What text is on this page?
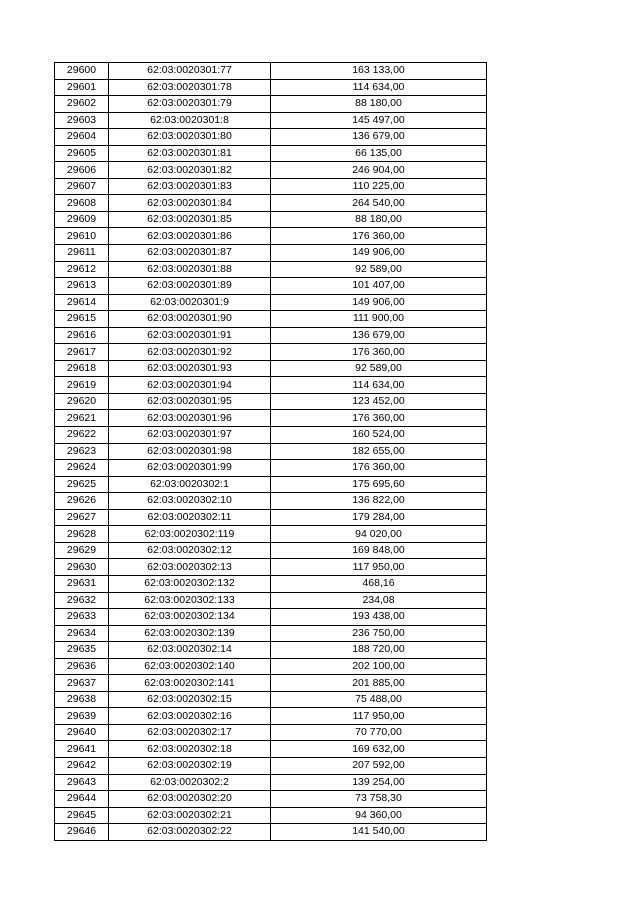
29600	62:03:0020301:77	163 133,00
29601	62:03:0020301:78	114 634,00
29602	62:03:0020301:79	88 180,00
29603	62:03:0020301:8	145 497,00
29604	62:03:0020301:80	136 679,00
29605	62:03:0020301:81	66 135,00
29606	62:03:0020301:82	246 904,00
29607	62:03:0020301:83	110 225,00
29608	62:03:0020301:84	264 540,00
29609	62:03:0020301:85	88 180,00
29610	62:03:0020301:86	176 360,00
29611	62:03:0020301:87	149 906,00
29612	62:03:0020301:88	92 589,00
29613	62:03:0020301:89	101 407,00
29614	62:03:0020301:9	149 906,00
29615	62:03:0020301:90	111 900,00
29616	62:03:0020301:91	136 679,00
29617	62:03:0020301:92	176 360,00
29618	62:03:0020301:93	92 589,00
29619	62:03:0020301:94	114 634,00
29620	62:03:0020301:95	123 452,00
29621	62:03:0020301:96	176 360,00
29622	62:03:0020301:97	160 524,00
29623	62:03:0020301:98	182 655,00
29624	62:03:0020301:99	176 360,00
29625	62:03:0020302:1	175 695,60
29626	62:03:0020302:10	136 822,00
29627	62:03:0020302:11	179 284,00
29628	62:03:0020302:119	94 020,00
29629	62:03:0020302:12	169 848,00
29630	62:03:0020302:13	117 950,00
29631	62:03:0020302:132	468,16
29632	62:03:0020302:133	234,08
29633	62:03:0020302:134	193 438,00
29634	62:03:0020302:139	236 750,00
29635	62:03:0020302:14	188 720,00
29636	62:03:0020302:140	202 100,00
29637	62:03:0020302:141	201 885,00
29638	62:03:0020302:15	75 488,00
29639	62:03:0020302:16	117 950,00
29640	62:03:0020302:17	70 770,00
29641	62:03:0020302:18	169 632,00
29642	62:03:0020302:19	207 592,00
29643	62:03:0020302:2	139 254,00
29644	62:03:0020302:20	73 758,30
29645	62:03:0020302:21	94 360,00
29646	62:03:0020302:22	141 540,00
